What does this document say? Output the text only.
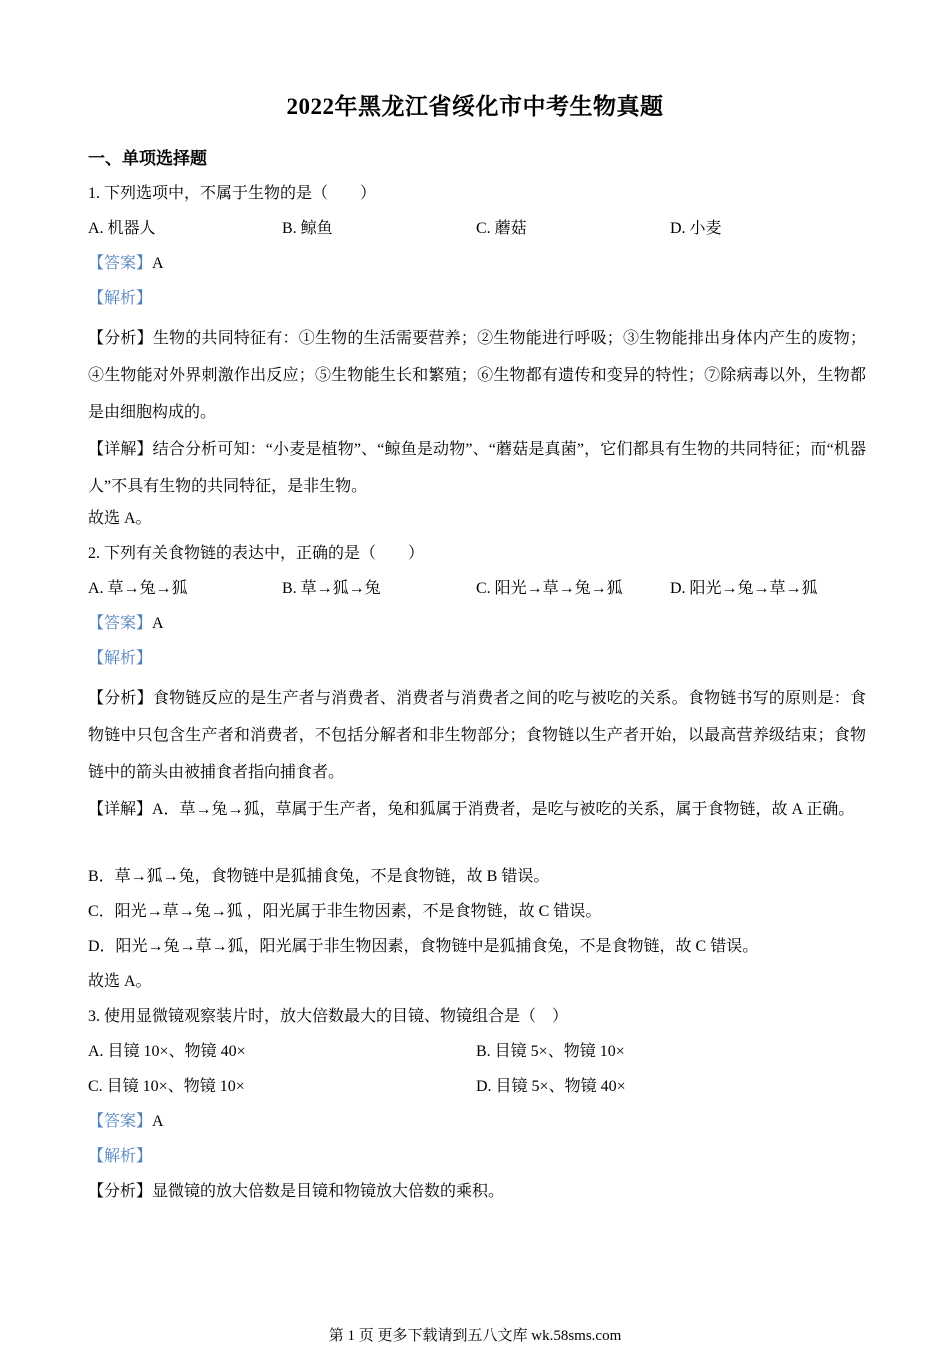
2022年黑龙江省绥化市中考生物真题
一、单项选择题
1. 下列选项中，不属于生物的是（　　）
A. 机器人	B. 鲸鱼	C. 蘑菇	D. 小麦
【答案】A
【解析】
【分析】生物的共同特征有：①生物的生活需要营养；②生物能进行呼吸；③生物能排出身体内产生的废物；④生物能对外界刺激作出反应；⑤生物能生长和繁殖；⑥生物都有遗传和变异的特性；⑦除病毒以外，生物都是由细胞构成的。
【详解】结合分析可知：“小麦是植物”、“鲸鱼是动物”、“蘑菇是真菌”，它们都具有生物的共同特征；而“机器人”不具有生物的共同特征，是非生物。
故选 A。
2. 下列有关食物链的表达中，正确的是（　　）
A. 草→兔→狐	B. 草→狐→兔	C. 阳光→草→兔→狐	D. 阳光→兔→草→狐
【答案】A
【解析】
【分析】食物链反应的是生产者与消费者、消费者与消费者之间的吃与被吃的关系。食物链书写的原则是：食物链中只包含生产者和消费者，不包括分解者和非生物部分；食物链以生产者开始，以最高营养级结束；食物链中的箭头由被捕食者指向捕食者。
【详解】A．草→兔→狐，草属于生产者，兔和狐属于消费者，是吃与被吃的关系，属于食物链，故 A 正确。
B．草→狐→兔，食物链中是狐捕食兔，不是食物链，故 B 错误。
C．阳光→草→兔→狐 ，阳光属于非生物因素，不是食物链，故 C 错误。
D．阳光→兔→草→狐，阳光属于非生物因素，食物链中是狐捕食兔，不是食物链，故 C 错误。
故选 A。
3. 使用显微镜观察装片时，放大倍数最大的目镜、物镜组合是（　）
A. 目镜 10×、物镜 40×	B. 目镜 5×、物镜 10×
C. 目镜 10×、物镜 10×	D. 目镜 5×、物镜 40×
【答案】A
【解析】
【分析】显微镜的放大倍数是目镜和物镜放大倍数的乘积。
第 1 页 更多下载请到五八文库 wk.58sms.com
